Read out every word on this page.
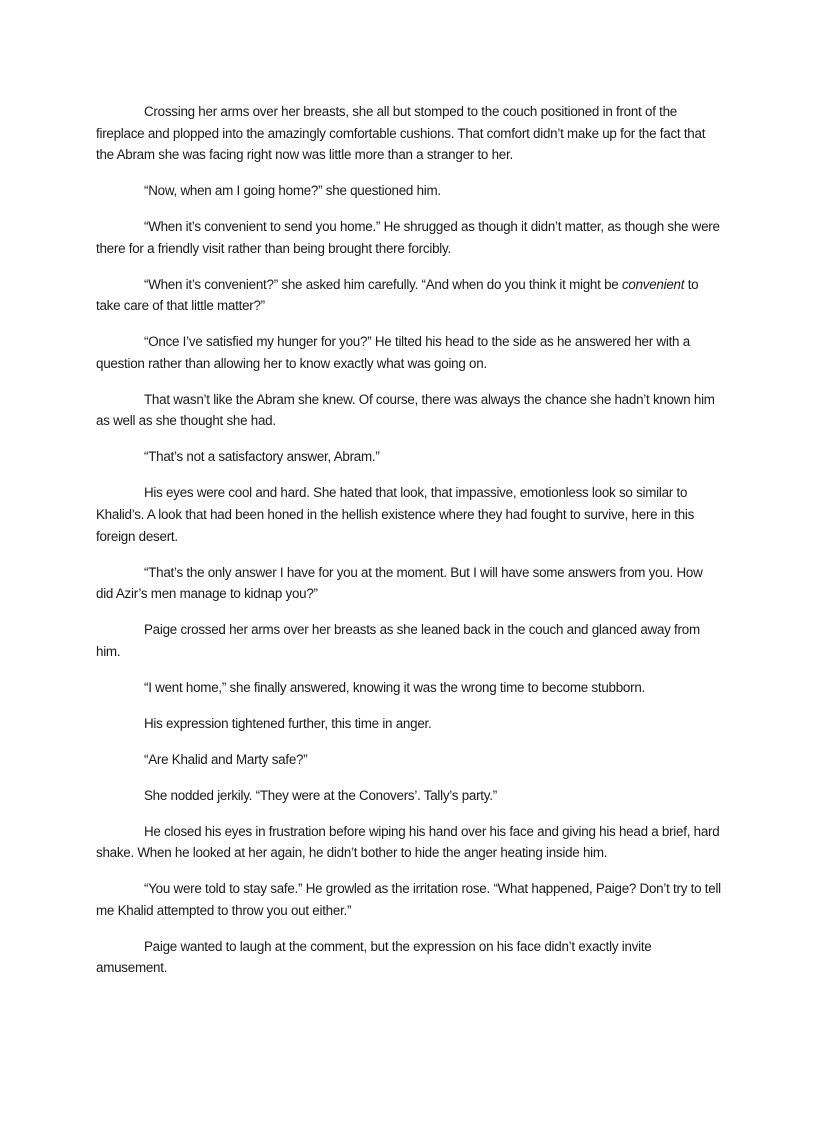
Crossing her arms over her breasts, she all but stomped to the couch positioned in front of the fireplace and plopped into the amazingly comfortable cushions. That comfort didn’t make up for the fact that the Abram she was facing right now was little more than a stranger to her.

“Now, when am I going home?” she questioned him.

“When it’s convenient to send you home.” He shrugged as though it didn’t matter, as though she were there for a friendly visit rather than being brought there forcibly.

“When it’s convenient?” she asked him carefully. “And when do you think it might be convenient to take care of that little matter?”

“Once I’ve satisfied my hunger for you?” He tilted his head to the side as he answered her with a question rather than allowing her to know exactly what was going on.

That wasn’t like the Abram she knew. Of course, there was always the chance she hadn’t known him as well as she thought she had.

“That’s not a satisfactory answer, Abram.”

His eyes were cool and hard. She hated that look, that impassive, emotionless look so similar to Khalid’s. A look that had been honed in the hellish existence where they had fought to survive, here in this foreign desert.

“That’s the only answer I have for you at the moment. But I will have some answers from you. How did Azir’s men manage to kidnap you?”

Paige crossed her arms over her breasts as she leaned back in the couch and glanced away from him.

“I went home,” she finally answered, knowing it was the wrong time to become stubborn.

His expression tightened further, this time in anger.

“Are Khalid and Marty safe?”

She nodded jerkily. “They were at the Conovers’. Tally’s party.”

He closed his eyes in frustration before wiping his hand over his face and giving his head a brief, hard shake. When he looked at her again, he didn’t bother to hide the anger heating inside him.

“You were told to stay safe.” He growled as the irritation rose. “What happened, Paige? Don’t try to tell me Khalid attempted to throw you out either.”

Paige wanted to laugh at the comment, but the expression on his face didn’t exactly invite amusement.
